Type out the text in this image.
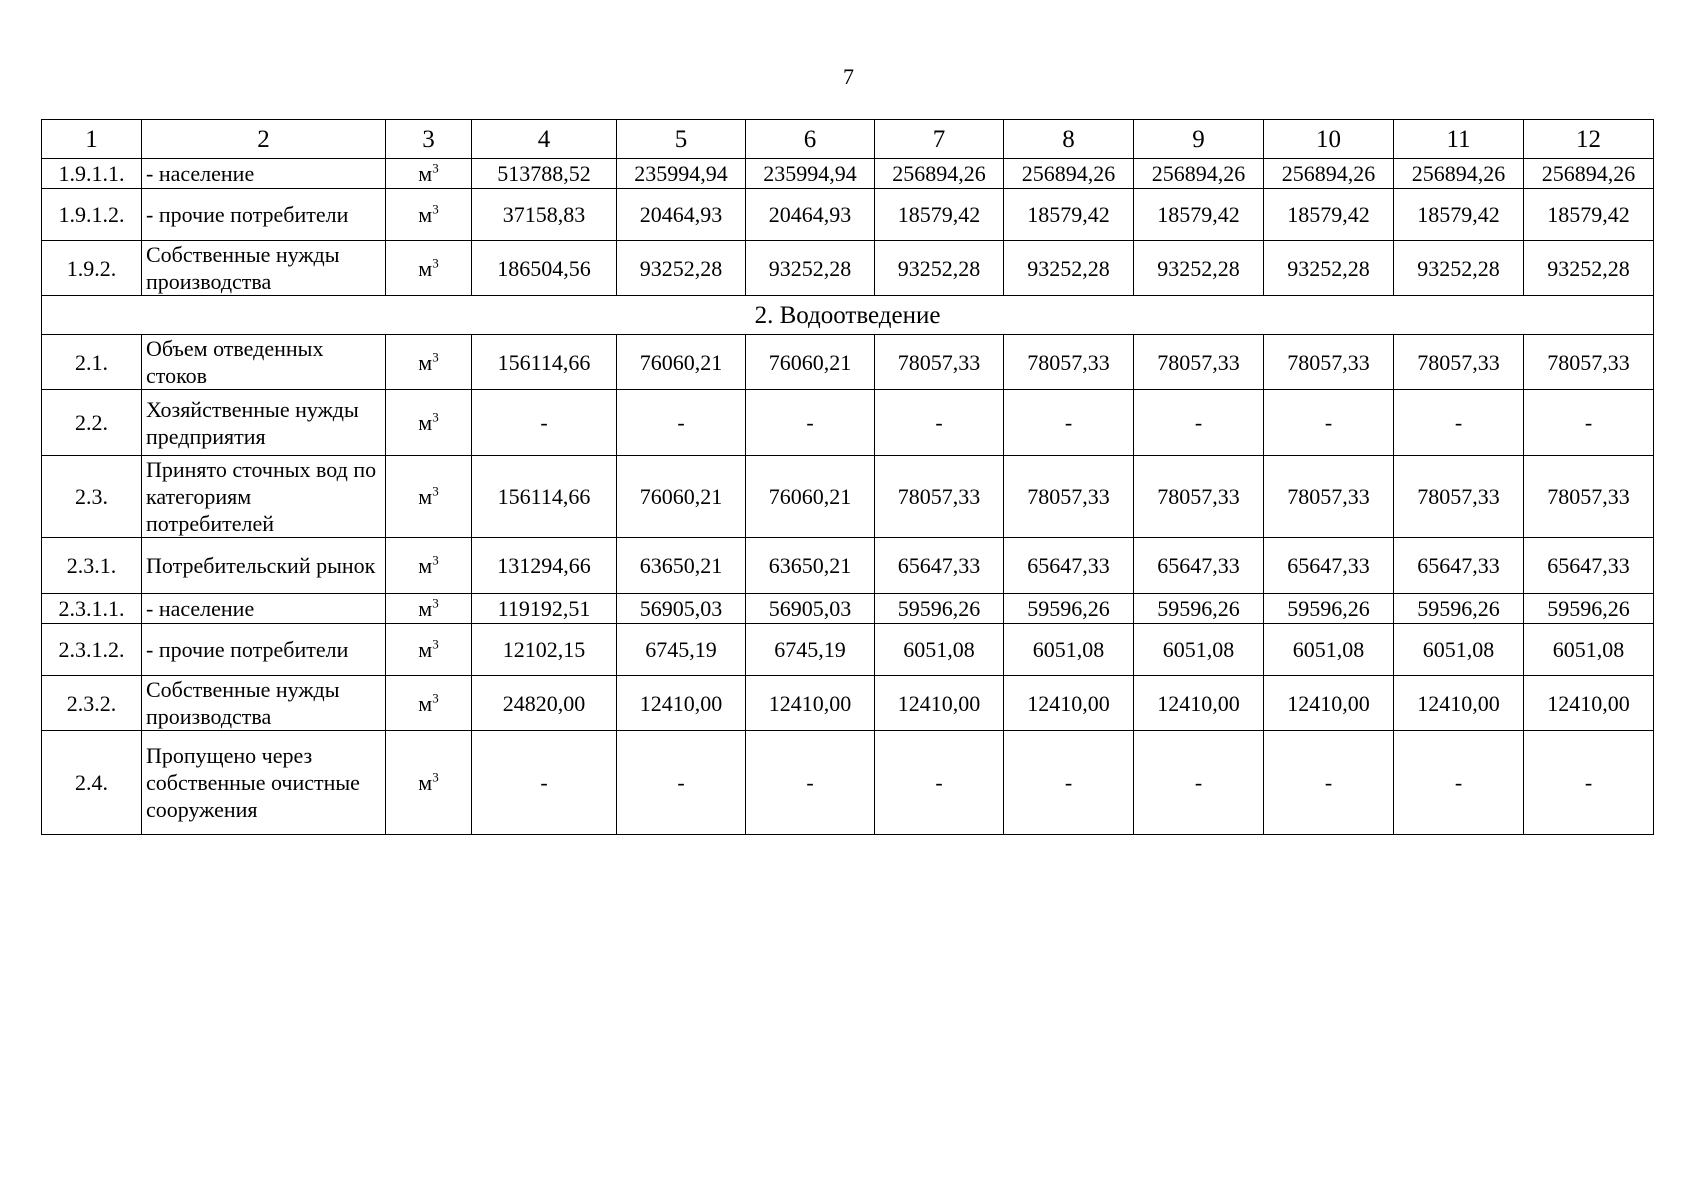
7
1	2	3	4	5	6	7	8	9	10	11	12
1.9.1.1.	- население	$м^3$	513788,52	235994,94	235994,94	256894,26	256894,26	256894,26	256894,26	256894,26	256894,26
1.9.1.2.	- прочие потребители	$м^3$	37158,83	20464,93	20464,93	18579,42	18579,42	18579,42	18579,42	18579,42	18579,42
1.9.2.	Собственные нужды производства	$м^3$	186504,56	93252,28	93252,28	93252,28	93252,28	93252,28	93252,28	93252,28	93252,28
2. Водоотведение											
2.1.	Объем отведенных стоков	$м^3$	156114,66	76060,21	76060,21	78057,33	78057,33	78057,33	78057,33	78057,33	78057,33
2.2.	Хозяйственные нужды предприятия	$м^3$	-	-	-	-	-	-	-	-	-
2.3.	Принято сточных вод по категориям потребителей	$м^3$	156114,66	76060,21	76060,21	78057,33	78057,33	78057,33	78057,33	78057,33	78057,33
2.3.1.	Потребительский рынок	$м^3$	131294,66	63650,21	63650,21	65647,33	65647,33	65647,33	65647,33	65647,33	65647,33
2.3.1.1.	- население	$м^3$	119192,51	56905,03	56905,03	59596,26	59596,26	59596,26	59596,26	59596,26	59596,26
2.3.1.2.	- прочие потребители	$м^3$	12102,15	6745,19	6745,19	6051,08	6051,08	6051,08	6051,08	6051,08	6051,08
2.3.2.	Собственные нужды производства	$м^3$	24820,00	12410,00	12410,00	12410,00	12410,00	12410,00	12410,00	12410,00	12410,00
2.4.	Пропущено через собственные очистные сооружения	$м^3$	-	-	-	-	-	-	-	-	-
